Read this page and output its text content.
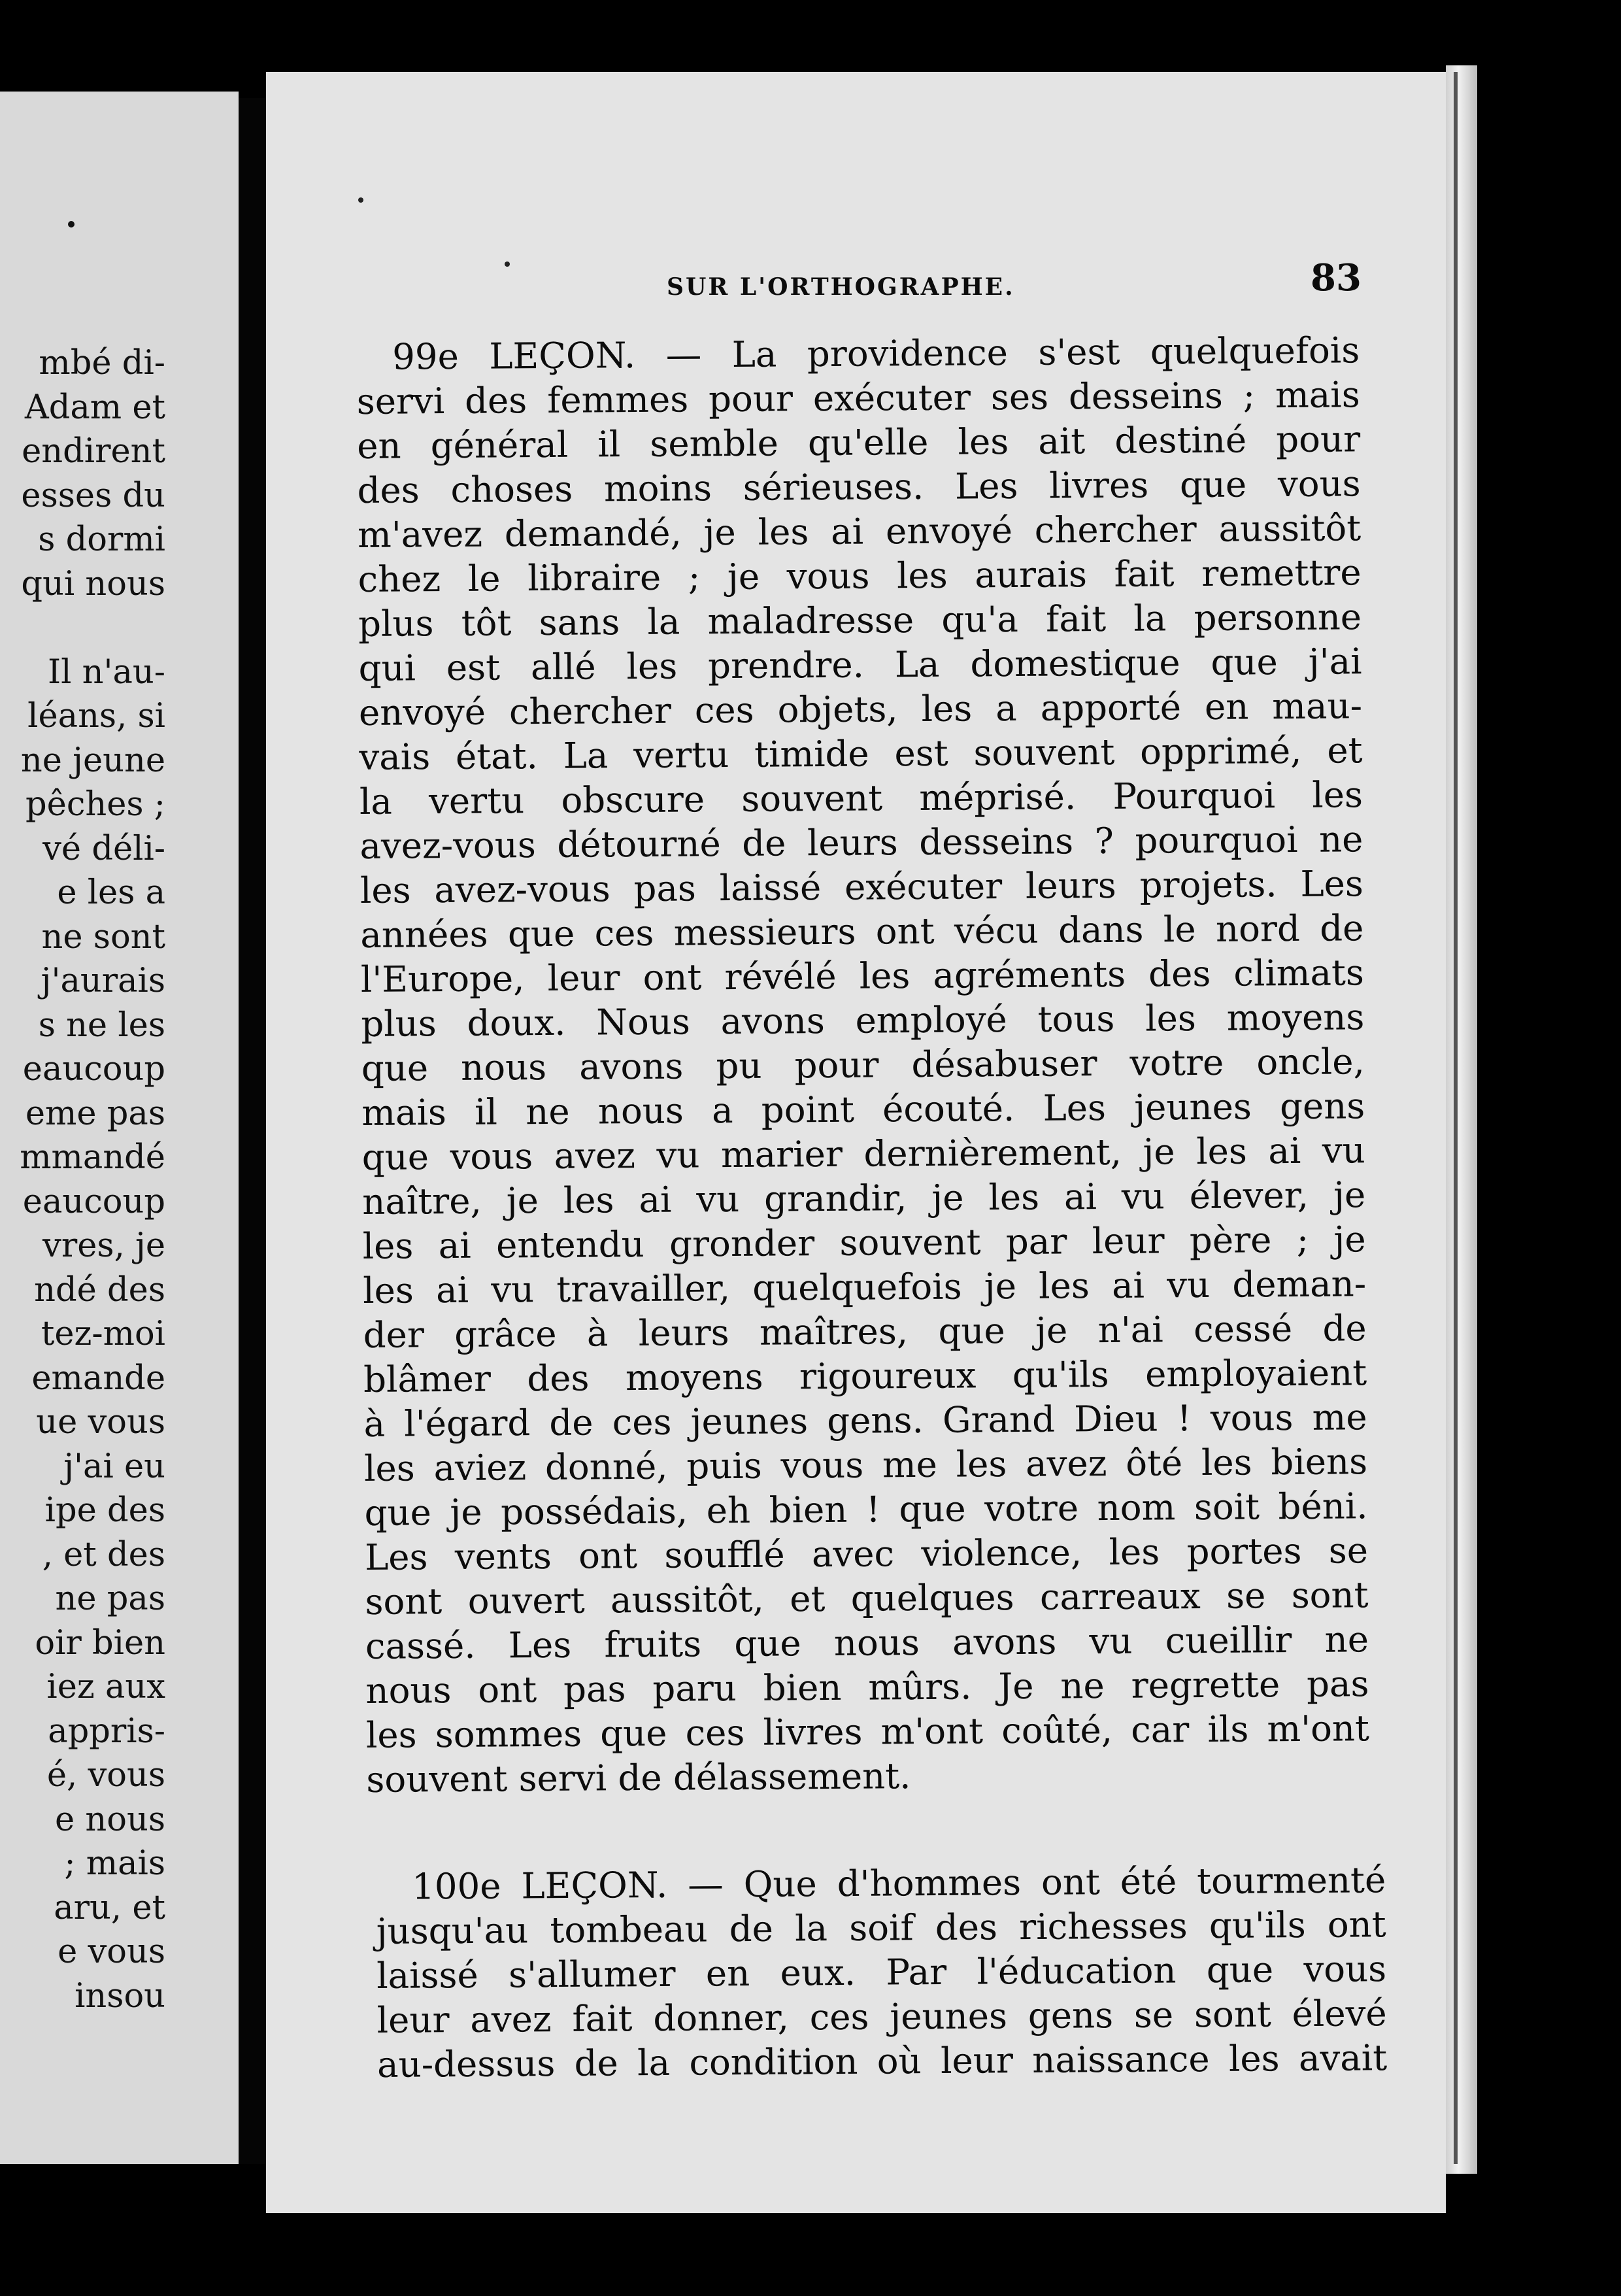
mbé di-
Adam et
endirent
esses du
s dormi
qui nous
Il n'au-
léans, si
ne jeune
pêches ;
vé déli-
e les a
ne sont
j'aurais
s ne les
eaucoup
eme pas
mmandé
eaucoup
vres, je
ndé des
tez-moi
emande
ue vous
j'ai eu
ipe des
, et des
ne pas
oir bien
iez aux
appris-
é, vous
e nous
; mais
aru, et
e vous
insou
SUR L'ORTHOGRAPHE.	83
99e LEÇON. — La providence s'est quelquefois
servi des femmes pour exécuter ses desseins ; mais
en général il semble qu'elle les ait destiné pour
des choses moins sérieuses. Les livres que vous
m'avez demandé, je les ai envoyé chercher aussitôt
chez le libraire ; je vous les aurais fait remettre
plus tôt sans la maladresse qu'a fait la personne
qui est allé les prendre. La domestique que j'ai
envoyé chercher ces objets, les a apporté en mau-
vais état. La vertu timide est souvent opprimé, et
la vertu obscure souvent méprisé. Pourquoi les
avez-vous détourné de leurs desseins ? pourquoi ne
les avez-vous pas laissé exécuter leurs projets. Les
années que ces messieurs ont vécu dans le nord de
l'Europe, leur ont révélé les agréments des climats
plus doux. Nous avons employé tous les moyens
que nous avons pu pour désabuser votre oncle,
mais il ne nous a point écouté. Les jeunes gens
que vous avez vu marier dernièrement, je les ai vu
naître, je les ai vu grandir, je les ai vu élever, je
les ai entendu gronder souvent par leur père ; je
les ai vu travailler, quelquefois je les ai vu deman-
der grâce à leurs maîtres, que je n'ai cessé de
blâmer des moyens rigoureux qu'ils employaient
à l'égard de ces jeunes gens. Grand Dieu ! vous me
les aviez donné, puis vous me les avez ôté les biens
que je possédais, eh bien ! que votre nom soit béni.
Les vents ont soufflé avec violence, les portes se
sont ouvert aussitôt, et quelques carreaux se sont
cassé. Les fruits que nous avons vu cueillir ne
nous ont pas paru bien mûrs. Je ne regrette pas
les sommes que ces livres m'ont coûté, car ils m'ont
souvent servi de délassement.
100e LEÇON. — Que d'hommes ont été tourmenté
jusqu'au tombeau de la soif des richesses qu'ils ont
laissé s'allumer en eux. Par l'éducation que vous
leur avez fait donner, ces jeunes gens se sont élevé
au-dessus de la condition où leur naissance les avait
